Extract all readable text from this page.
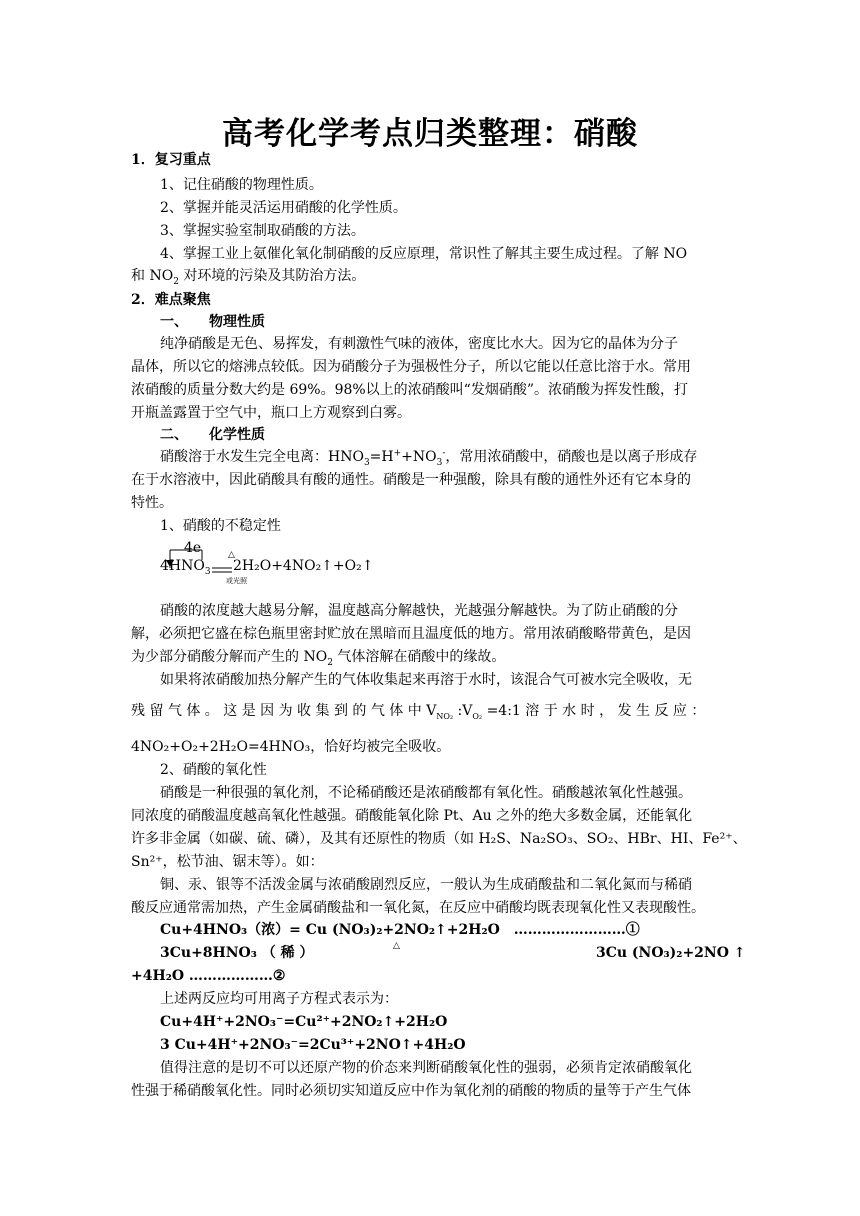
高考化学考点归类整理：硝酸
1．复习重点
1、记住硝酸的物理性质。
2、掌握并能灵活运用硝酸的化学性质。
3、掌握实验室制取硝酸的方法。
4、掌握工业上氨催化氧化制硝酸的反应原理，常识性了解其主要生成过程。了解 NO
和 $NO_2$ 对环境的污染及其防治方法。
2．难点聚焦
一、　　物理性质
纯净硝酸是无色、易挥发，有刺激性气味的液体，密度比水大。因为它的晶体为分子
晶体，所以它的熔沸点较低。因为硝酸分子为强极性分子，所以它能以任意比溶于水。常用
浓硝酸的质量分数大约是 69%。98%以上的浓硝酸叫“发烟硝酸”。浓硝酸为挥发性酸，打
开瓶盖露置于空气中，瓶口上方观察到白雾。
二、　　化学性质
硝酸溶于水发生完全电离：$HNO_3=H^++NO_3^-$，常用浓硝酸中，硝酸也是以离子形成存
在于水溶液中，因此硝酸具有酸的通性。硝酸是一种强酸，除具有酸的通性外还有它本身的
特性。
1、硝酸的不稳定性
4e
$4HNO_3$
△
2H₂O+4NO₂↑+O₂↑
或光照
硝酸的浓度越大越易分解，温度越高分解越快，光越强分解越快。为了防止硝酸的分
解，必须把它盛在棕色瓶里密封贮放在黑暗而且温度低的地方。常用浓硝酸略带黄色，是因
为少部分硝酸分解而产生的 $NO_2$ 气体溶解在硝酸中的缘故。
如果将浓硝酸加热分解产生的气体收集起来再溶于水时，该混合气可被水完全吸收，无
残 留 气 体 。 这 是 因 为 收 集 到 的 气 体 中 $V_{NO_2}$ $:V_{O_2}$ =4:1 溶 于 水 时 ， 发 生 反 应 ：
4NO₂+O₂+2H₂O=4HNO₃，恰好均被完全吸收。
2、硝酸的氧化性
硝酸是一种很强的氧化剂，不论稀硝酸还是浓硝酸都有氧化性。硝酸越浓氧化性越强。
同浓度的硝酸温度越高氧化性越强。硝酸能氧化除 Pt、Au 之外的绝大多数金属，还能氧化
许多非金属（如碳、硫、磷），及其有还原性的物质（如 H₂S、Na₂SO₃、SO₂、HBr、HI、Fe²⁺、
Sn²⁺，松节油、锯末等）。如：
铜、汞、银等不活泼金属与浓硝酸剧烈反应，一般认为生成硝酸盐和二氧化氮而与稀硝
酸反应通常需加热，产生金属硝酸盐和一氧化氮，在反应中硝酸均既表现氧化性又表现酸性。
Cu+4HNO₃（浓）= Cu (NO₃)₂+2NO₂↑+2H₂O　……………………①
3Cu+8HNO₃ （ 稀 ）	△	3Cu (NO₃)₂+2NO ↑
+4H₂O ………………②
上述两反应均可用离子方程式表示为：
Cu+4H⁺+2NO₃⁻=Cu²⁺+2NO₂↑+2H₂O
3 Cu+4H⁺+2NO₃⁻=2Cu³⁺+2NO↑+4H₂O
值得注意的是切不可以还原产物的价态来判断硝酸氧化性的强弱，必须肯定浓硝酸氧化
性强于稀硝酸氧化性。同时必须切实知道反应中作为氧化剂的硝酸的物质的量等于产生气体
